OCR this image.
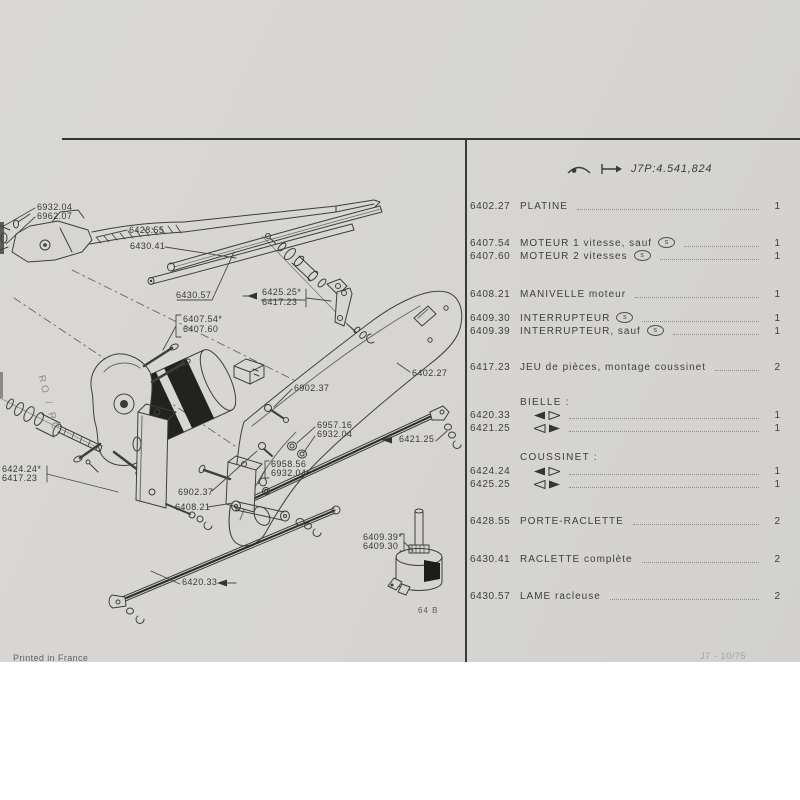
6932.04
6962.07
6428.55
6430.41
6430.57	6425.25*
6417.23
6407.54*
6407.60
6902.37
6402.27
6957.16
6932.04	6421.25
6958.56
6932.04
6424.24*
6417.23
6902.37
6408.21
6409.39*
6409.30
6420.33
RO / RC
64 B
Printed in France	J7 - 10/75
J7P:4.541,824
6402.27 PLATINE	1
6407.54 MOTEUR 1 vitesse, sauf	s	1
6407.60 MOTEUR 2 vitesses	s	1
6408.21 MANIVELLE moteur	1
6409.30 INTERRUPTEUR	s	1
6409.39 INTERRUPTEUR, sauf	s	1
6417.23 JEU de pièces, montage coussinet	2
BIELLE :
6420.33	1
6421.25	1
COUSSINET :
6424.24	1
6425.25	1
6428.55 PORTE-RACLETTE	2
6430.41 RACLETTE complète	2
6430.57 LAME racleuse	2
